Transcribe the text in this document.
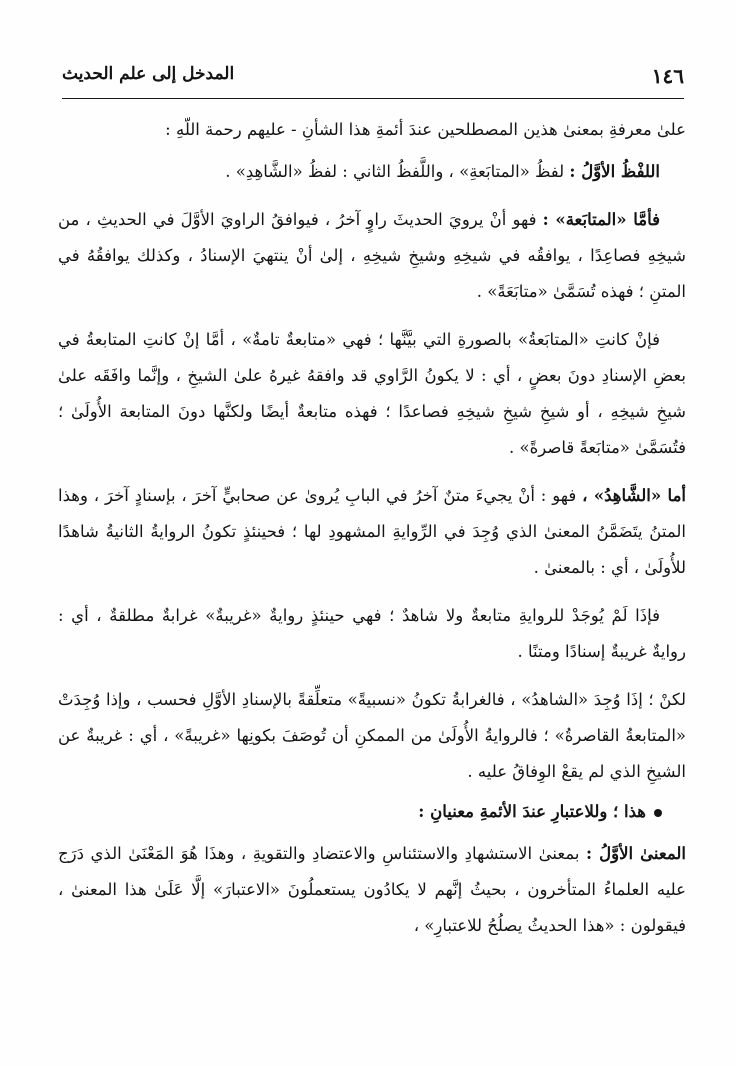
١٤٦
المدخل إلى علم الحديث

علىٰ معرفةِ بمعنىٰ هذين المصطلحين عندَ أئمةِ هذا الشأنِ - عليهم رحمة اللّهِ :

اللفْظُ الأوَّلُ : لفظُ «المتابَعةِ» ، واللَّفظُ الثاني : لفظُ «الشَّاهِدِ» .

فأمَّا «المتابَعة» : فهو أنْ يرويَ الحديثَ راوٍ آخرُ ، فيوافقُ الراويَ الأوَّلَ في الحديثِ ، من شيخِهِ فصاعِدًا ، يوافقُه في شيخِهِ وشيخِ شيخِهِ ، إلىٰ أنْ ينتهيَ الإسنادُ ، وكذلك يوافقُهُ في المتنِ ؛ فهذه تُسَمَّىٰ «متابَعَةً» .

فإنْ كانتِ «المتابَعةُ» بالصورةِ التي بيَّنَّها ؛ فهي «متابعةٌ تامةٌ» ، أمَّا إنْ كانتِ المتابعةُ في بعضِ الإسنادِ دونَ بعضٍ ، أي : لا يكونُ الرَّاوي قد وافقهُ غيرهُ علىٰ الشيخِ ، وإنَّما وافَقَه علىٰ شيخِ شيخِهِ ، أو شيخِ شيخِ شيخِهِ فصاعدًا ؛ فهذه متابعةٌ أيضًا ولكنَّها دونَ المتابعة الأُولَىٰ ؛ فتُسَمَّىٰ «متابَعةً قاصرةً» .

أما «الشَّاهِدُ» ، فهو : أنْ يجيءَ متنٌ آخرُ في البابِ يُروىٰ عن صحابيٍّ آخرَ ، بإسنادٍ آخرَ ، وهذا المتنُ يتَضَمَّنُ المعنىٰ الذي وُجِدَ في الرِّوايةِ المشهودِ لها ؛ فحينئذٍ تكونُ الروايةُ الثانيةُ شاهدًا للأُولَىٰ ، أي : بالمعنىٰ .

فإذَا لَمْ يُوجَدْ للروايةِ متابعةٌ ولا شاهدٌ ؛ فهي حينئذٍ روايةٌ «غريبةٌ» غرابةٌ مطلقةٌ ، أي : روايةٌ غريبةٌ إسنادًا ومتنًا .

لكنْ ؛ إذَا وُجِدَ «الشاهدُ» ، فالغرابةُ تكونُ «نسبيةً» متعلِّقةً بالإسنادِ الأوَّلِ فحسب ، وإذا وُجِدَتْ «المتابعةُ القاصرةُ» ؛ فالروايةُ الأُولَىٰ من الممكنِ أن تُوصَفَ بكونِها «غريبةً» ، أي : غريبةٌ عن الشيخِ الذي لم يقعْ الوِفاقُ عليه .

هذا ؛ وللاعتبارِ عندَ الأئمةِ معنيانِ :

المعنىٰ الأوَّلُ : بمعنىٰ الاستشهادِ والاستئناسِ والاعتضادِ والتقويةِ ، وهذَا هُوَ المَعْنَىٰ الذي دَرَج عليه العلماءُ المتأخرون ، بحيثُ إنَّهم لا يكادُون يستعملُونَ «الاعتبارَ» إلَّا عَلَىٰ هذا المعنىٰ ، فيقولون : «هذا الحديثُ يصلُحُ للاعتبارِ» ،
